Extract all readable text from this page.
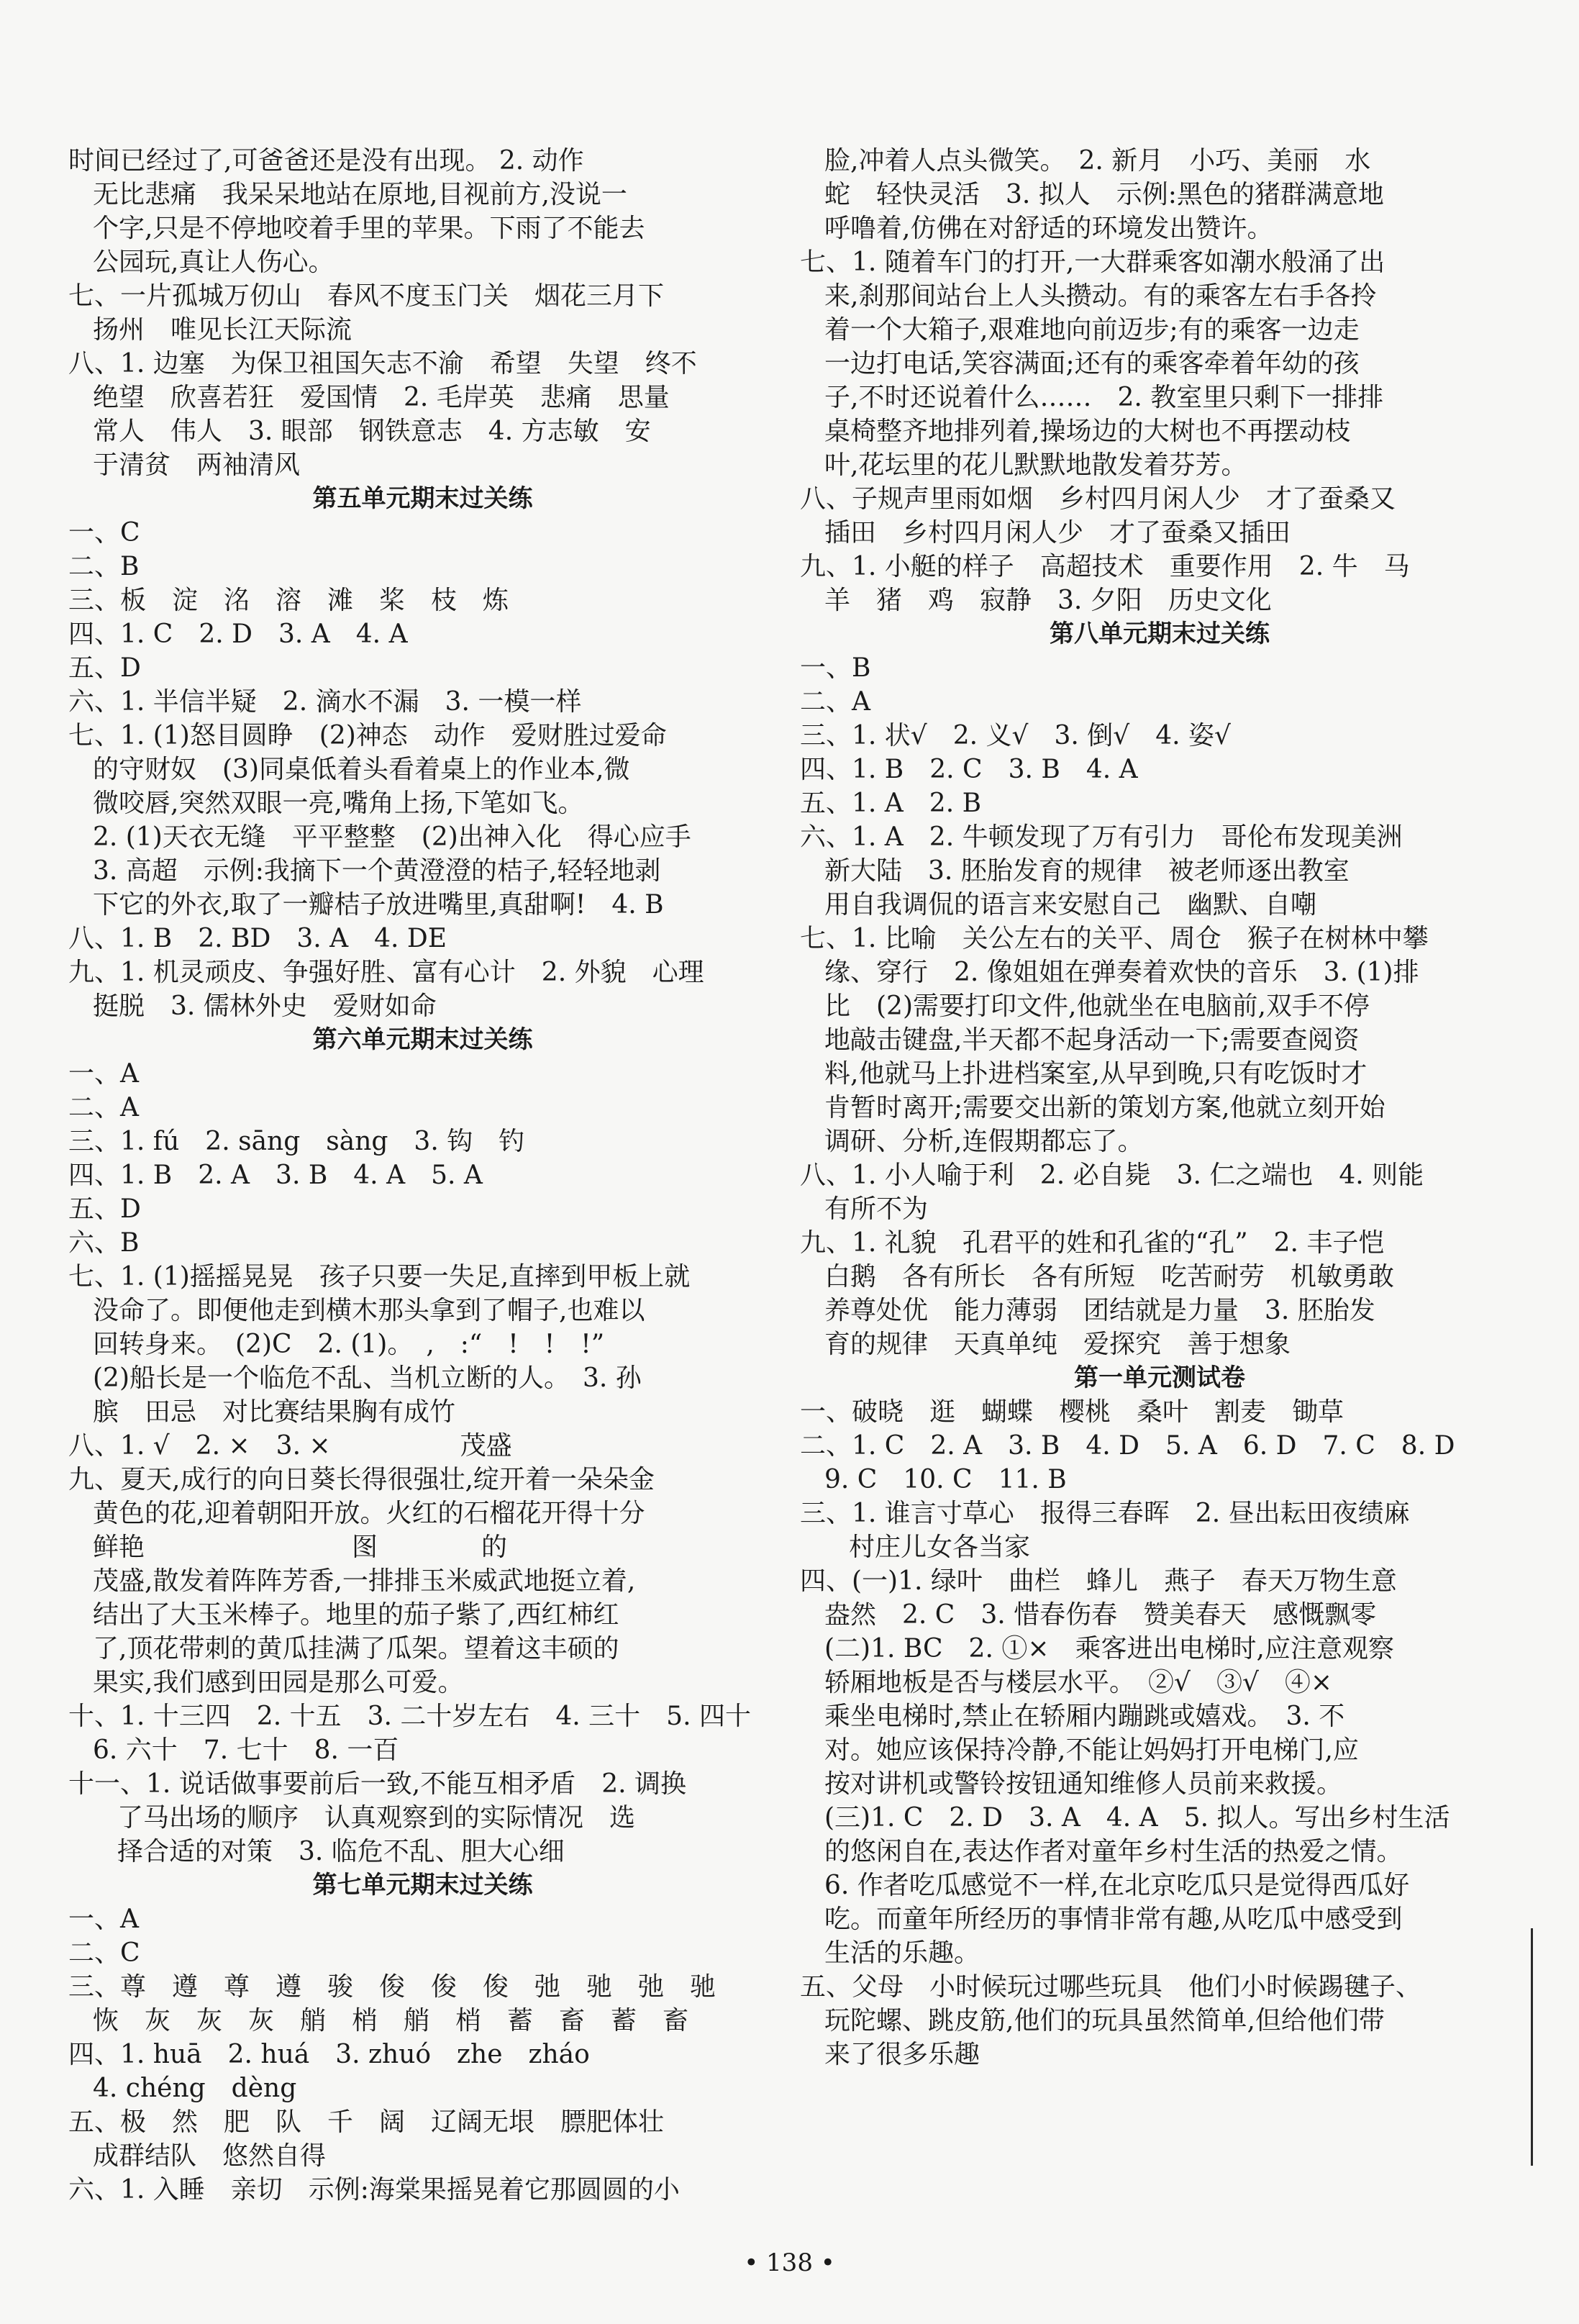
时间已经过了,可爸爸还是没有出现。 2. 动作
无比悲痛　我呆呆地站在原地,目视前方,没说一
个字,只是不停地咬着手里的苹果。下雨了不能去
公园玩,真让人伤心。
七、一片孤城万仞山　春风不度玉门关　烟花三月下
扬州　唯见长江天际流
八、1. 边塞　为保卫祖国矢志不渝　希望　失望　终不
绝望　欣喜若狂　爱国情　2. 毛岸英　悲痛　思量
常人　伟人　3. 眼部　钢铁意志　4. 方志敏　安
于清贫　两袖清风
第五单元期末过关练
一、C
二、B
三、板　淀　洺　溶　滩　桨　枝　炼
四、1. C　2. D　3. A　4. A
五、D
六、1. 半信半疑　2. 滴水不漏　3. 一模一样
七、1. (1)怒目圆睁　(2)神态　动作　爱财胜过爱命
的守财奴　(3)同桌低着头看着桌上的作业本,微
微咬唇,突然双眼一亮,嘴角上扬,下笔如飞。
2. (1)天衣无缝　平平整整　(2)出神入化　得心应手
3. 高超　示例:我摘下一个黄澄澄的桔子,轻轻地剥
下它的外衣,取了一瓣桔子放进嘴里,真甜啊!　4. B
八、1. B　2. BD　3. A　4. DE
九、1. 机灵顽皮、争强好胜、富有心计　2. 外貌　心理
挺脱　3. 儒林外史　爱财如命
第六单元期末过关练
一、A
二、A
三、1. fú　2. sāng　sàng　3. 钩　钓
四、1. B　2. A　3. B　4. A　5. A
五、D
六、B
七、1. (1)摇摇晃晃　孩子只要一失足,直摔到甲板上就
没命了。即便他走到横木那头拿到了帽子,也难以
回转身来。　(2)C　2. (1)。　,　:“　!　!　!”
(2)船长是一个临危不乱、当机立断的人。　3. 孙
膑　田忌　对比赛结果胸有成竹
八、1. √　2. ×　3. ×　　　　　茂盛
九、夏天,成行的向日葵长得很强壮,绽开着一朵朵金
黄色的花,迎着朝阳开放。火红的石榴花开得十分
鲜艳　　　　　　　　图　　　　的
茂盛,散发着阵阵芳香,一排排玉米威武地挺立着,
结出了大玉米棒子。地里的茄子紫了,西红柿红
了,顶花带刺的黄瓜挂满了瓜架。望着这丰硕的
果实,我们感到田园是那么可爱。
十、1. 十三四　2. 十五　3. 二十岁左右　4. 三十　5. 四十
6. 六十　7. 七十　8. 一百
十一、1. 说话做事要前后一致,不能互相矛盾　2. 调换
了马出场的顺序　认真观察到的实际情况　选
择合适的对策　3. 临危不乱、胆大心细
第七单元期末过关练
一、A
二、C
三、尊　遵　尊　遵　骏　俊　俊　俊　弛　驰　弛　驰
恢　灰　灰　灰　艄　梢　艄　梢　蓄　畜　蓄　畜
四、1. huā　2. huá　3. zhuó　zhe　zháo
4. chéng　dèng
五、极　然　肥　队　千　阔　辽阔无垠　膘肥体壮
成群结队　悠然自得
六、1. 入睡　亲切　示例:海棠果摇晃着它那圆圆的小
脸,冲着人点头微笑。　2. 新月　小巧、美丽　水
蛇　轻快灵活　3. 拟人　示例:黑色的猪群满意地
呼噜着,仿佛在对舒适的环境发出赞许。
七、1. 随着车门的打开,一大群乘客如潮水般涌了出
来,刹那间站台上人头攒动。有的乘客左右手各拎
着一个大箱子,艰难地向前迈步;有的乘客一边走
一边打电话,笑容满面;还有的乘客牵着年幼的孩
子,不时还说着什么……　2. 教室里只剩下一排排
桌椅整齐地排列着,操场边的大树也不再摆动枝
叶,花坛里的花儿默默地散发着芬芳。
八、子规声里雨如烟　乡村四月闲人少　才了蚕桑又
插田　乡村四月闲人少　才了蚕桑又插田
九、1. 小艇的样子　高超技术　重要作用　2. 牛　马
羊　猪　鸡　寂静　3. 夕阳　历史文化
第八单元期末过关练
一、B
二、A
三、1. 状√　2. 义√　3. 倒√　4. 姿√
四、1. B　2. C　3. B　4. A
五、1. A　2. B
六、1. A　2. 牛顿发现了万有引力　哥伦布发现美洲
新大陆　3. 胚胎发育的规律　被老师逐出教室
用自我调侃的语言来安慰自己　幽默、自嘲
七、1. 比喻　关公左右的关平、周仓　猴子在树林中攀
缘、穿行　2. 像姐姐在弹奏着欢快的音乐　3. (1)排
比　(2)需要打印文件,他就坐在电脑前,双手不停
地敲击键盘,半天都不起身活动一下;需要查阅资
料,他就马上扑进档案室,从早到晚,只有吃饭时才
肯暂时离开;需要交出新的策划方案,他就立刻开始
调研、分析,连假期都忘了。
八、1. 小人喻于利　2. 必自毙　3. 仁之端也　4. 则能
有所不为
九、1. 礼貌　孔君平的姓和孔雀的“孔”　2. 丰子恺
白鹅　各有所长　各有所短　吃苦耐劳　机敏勇敢
养尊处优　能力薄弱　团结就是力量　3. 胚胎发
育的规律　天真单纯　爱探究　善于想象
第一单元测试卷
一、破晓　逛　蝴蝶　樱桃　桑叶　割麦　锄草
二、1. C　2. A　3. B　4. D　5. A　6. D　7. C　8. D
9. C　10. C　11. B
三、1. 谁言寸草心　报得三春晖　2. 昼出耘田夜绩麻
村庄儿女各当家
四、(一)1. 绿叶　曲栏　蜂儿　燕子　春天万物生意
盎然　2. C　3. 惜春伤春　赞美春天　感慨飘零
(二)1. BC　2. ①×　乘客进出电梯时,应注意观察
轿厢地板是否与楼层水平。　②√　③√　④×
乘坐电梯时,禁止在轿厢内蹦跳或嬉戏。　3. 不
对。她应该保持冷静,不能让妈妈打开电梯门,应
按对讲机或警铃按钮通知维修人员前来救援。
(三)1. C　2. D　3. A　4. A　5. 拟人。写出乡村生活
的悠闲自在,表达作者对童年乡村生活的热爱之情。
6. 作者吃瓜感觉不一样,在北京吃瓜只是觉得西瓜好
吃。而童年所经历的事情非常有趣,从吃瓜中感受到
生活的乐趣。
五、父母　小时候玩过哪些玩具　他们小时候踢毽子、
玩陀螺、跳皮筋,他们的玩具虽然简单,但给他们带
来了很多乐趣
• 138 •
